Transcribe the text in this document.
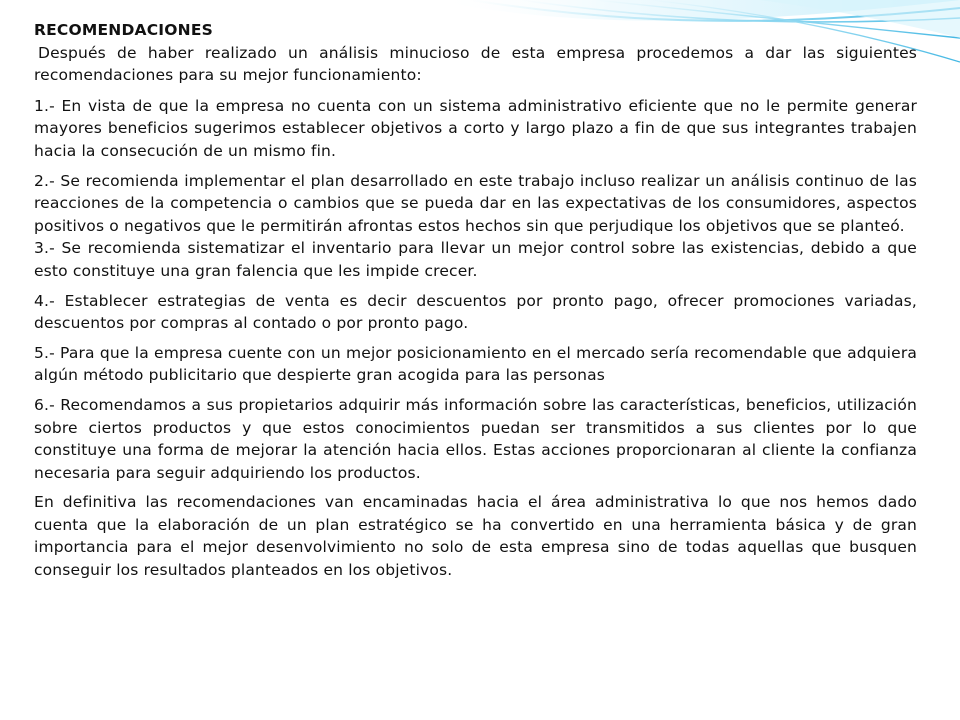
RECOMENDACIONES

Después de haber realizado un análisis minucioso de esta empresa procedemos a dar las siguientes recomendaciones para su mejor funcionamiento:

1.- En vista de que la empresa no cuenta con un sistema administrativo eficiente que no le permite generar mayores beneficios sugerimos establecer objetivos a corto y largo plazo a fin de que sus integrantes trabajen hacia la consecución de un mismo fin.

2.- Se recomienda implementar el plan desarrollado en este trabajo incluso realizar un análisis continuo de las reacciones de la competencia o cambios que se pueda dar en las expectativas de los consumidores, aspectos positivos o negativos que le permitirán afrontas estos hechos sin que perjudique los objetivos que se planteó.

3.- Se recomienda sistematizar el inventario para llevar un mejor control sobre las existencias, debido a que esto constituye una gran falencia que les impide crecer.

4.- Establecer estrategias de venta es decir descuentos por pronto pago, ofrecer promociones variadas, descuentos por compras al contado o por pronto pago.

5.- Para que la empresa cuente con un mejor posicionamiento en el mercado sería recomendable que adquiera algún método publicitario que despierte gran acogida para las personas

6.- Recomendamos a sus propietarios adquirir más información sobre las características, beneficios, utilización sobre ciertos productos y que estos conocimientos puedan ser transmitidos a sus clientes por lo que constituye una forma de mejorar la atención hacia ellos. Estas acciones proporcionaran al cliente la confianza necesaria para seguir adquiriendo los productos.

En definitiva las recomendaciones van encaminadas hacia el área administrativa lo que nos hemos dado cuenta que la elaboración de un plan estratégico se ha convertido en una herramienta básica y de gran importancia para el mejor desenvolvimiento no solo de esta empresa sino de todas aquellas que busquen conseguir los resultados planteados en los objetivos.
